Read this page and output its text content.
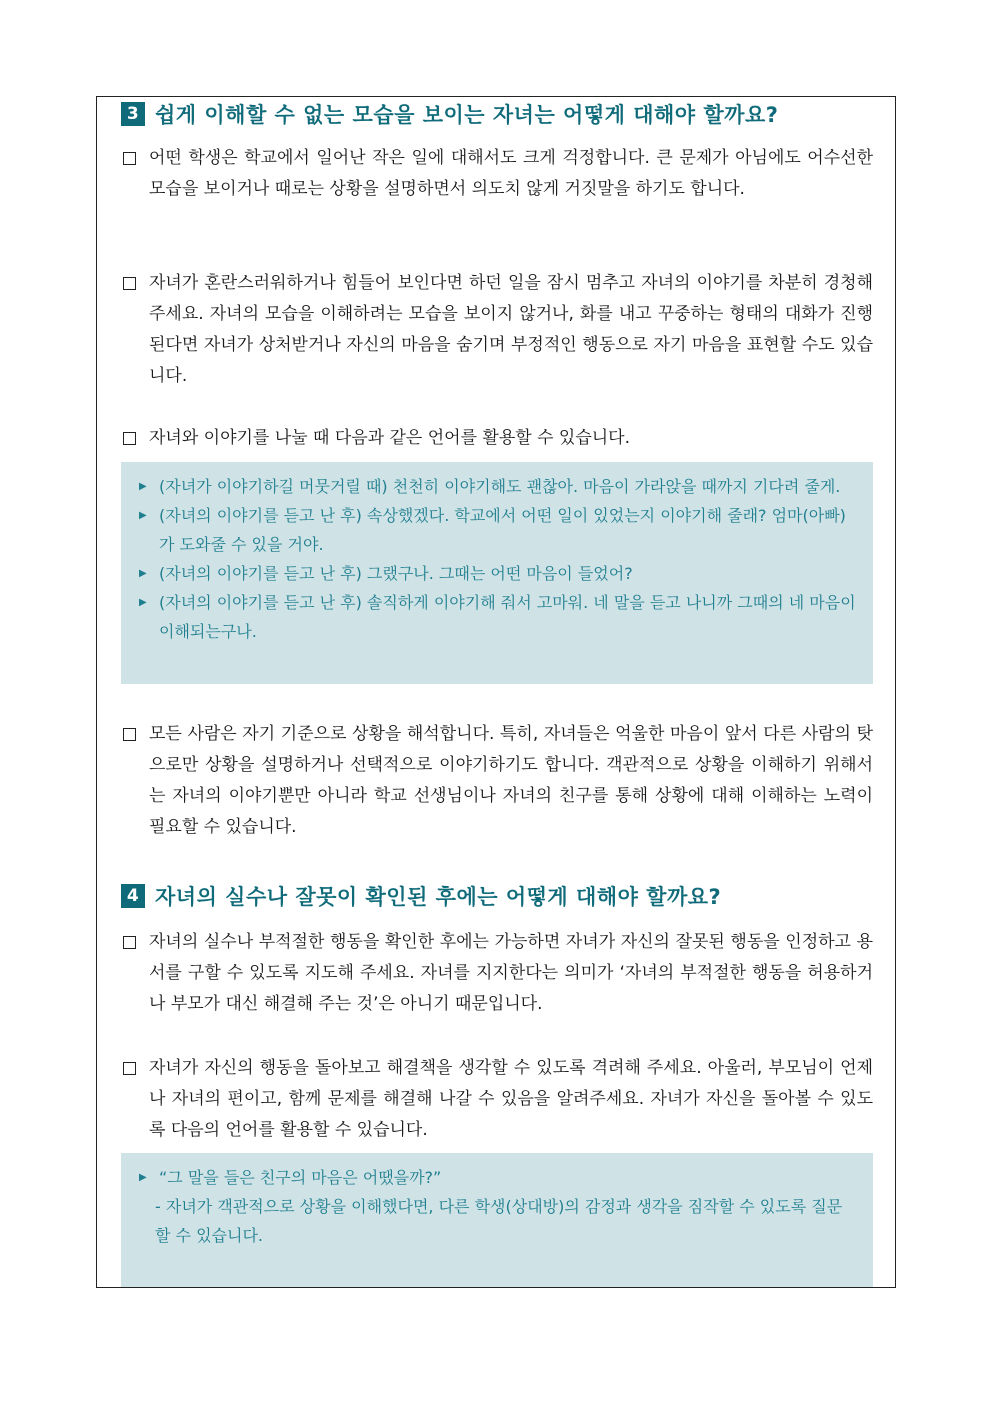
3 쉽게 이해할 수 없는 모습을 보이는 자녀는 어떻게 대해야 할까요?
어떤 학생은 학교에서 일어난 작은 일에 대해서도 크게 걱정합니다. 큰 문제가 아님에도 어수선한 모습을 보이거나 때로는 상황을 설명하면서 의도치 않게 거짓말을 하기도 합니다.
자녀가 혼란스러워하거나 힘들어 보인다면 하던 일을 잠시 멈추고 자녀의 이야기를 차분히 경청해 주세요. 자녀의 모습을 이해하려는 모습을 보이지 않거나, 화를 내고 꾸중하는 형태의 대화가 진행된다면 자녀가 상처받거나 자신의 마음을 숨기며 부정적인 행동으로 자기 마음을 표현할 수도 있습니다.
자녀와 이야기를 나눌 때 다음과 같은 언어를 활용할 수 있습니다.
▶ (자녀가 이야기하길 머뭇거릴 때) 천천히 이야기해도 괜찮아. 마음이 가라앉을 때까지 기다려 줄게.
▶ (자녀의 이야기를 듣고 난 후) 속상했겠다. 학교에서 어떤 일이 있었는지 이야기해 줄래? 엄마(아빠)가 도와줄 수 있을 거야.
▶ (자녀의 이야기를 듣고 난 후) 그랬구나. 그때는 어떤 마음이 들었어?
▶ (자녀의 이야기를 듣고 난 후) 솔직하게 이야기해 줘서 고마워. 네 말을 듣고 나니까 그때의 네 마음이 이해되는구나.
모든 사람은 자기 기준으로 상황을 해석합니다. 특히, 자녀들은 억울한 마음이 앞서 다른 사람의 탓으로만 상황을 설명하거나 선택적으로 이야기하기도 합니다. 객관적으로 상황을 이해하기 위해서는 자녀의 이야기뿐만 아니라 학교 선생님이나 자녀의 친구를 통해 상황에 대해 이해하는 노력이 필요할 수 있습니다.
4 자녀의 실수나 잘못이 확인된 후에는 어떻게 대해야 할까요?
자녀의 실수나 부적절한 행동을 확인한 후에는 가능하면 자녀가 자신의 잘못된 행동을 인정하고 용서를 구할 수 있도록 지도해 주세요. 자녀를 지지한다는 의미가 ‘자녀의 부적절한 행동을 허용하거나 부모가 대신 해결해 주는 것’은 아니기 때문입니다.
자녀가 자신의 행동을 돌아보고 해결책을 생각할 수 있도록 격려해 주세요. 아울러, 부모님이 언제나 자녀의 편이고, 함께 문제를 해결해 나갈 수 있음을 알려주세요. 자녀가 자신을 돌아볼 수 있도록 다음의 언어를 활용할 수 있습니다.
▶ “그 말을 들은 친구의 마음은 어땠을까?”
- 자녀가 객관적으로 상황을 이해했다면, 다른 학생(상대방)의 감정과 생각을 짐작할 수 있도록 질문할 수 있습니다.
